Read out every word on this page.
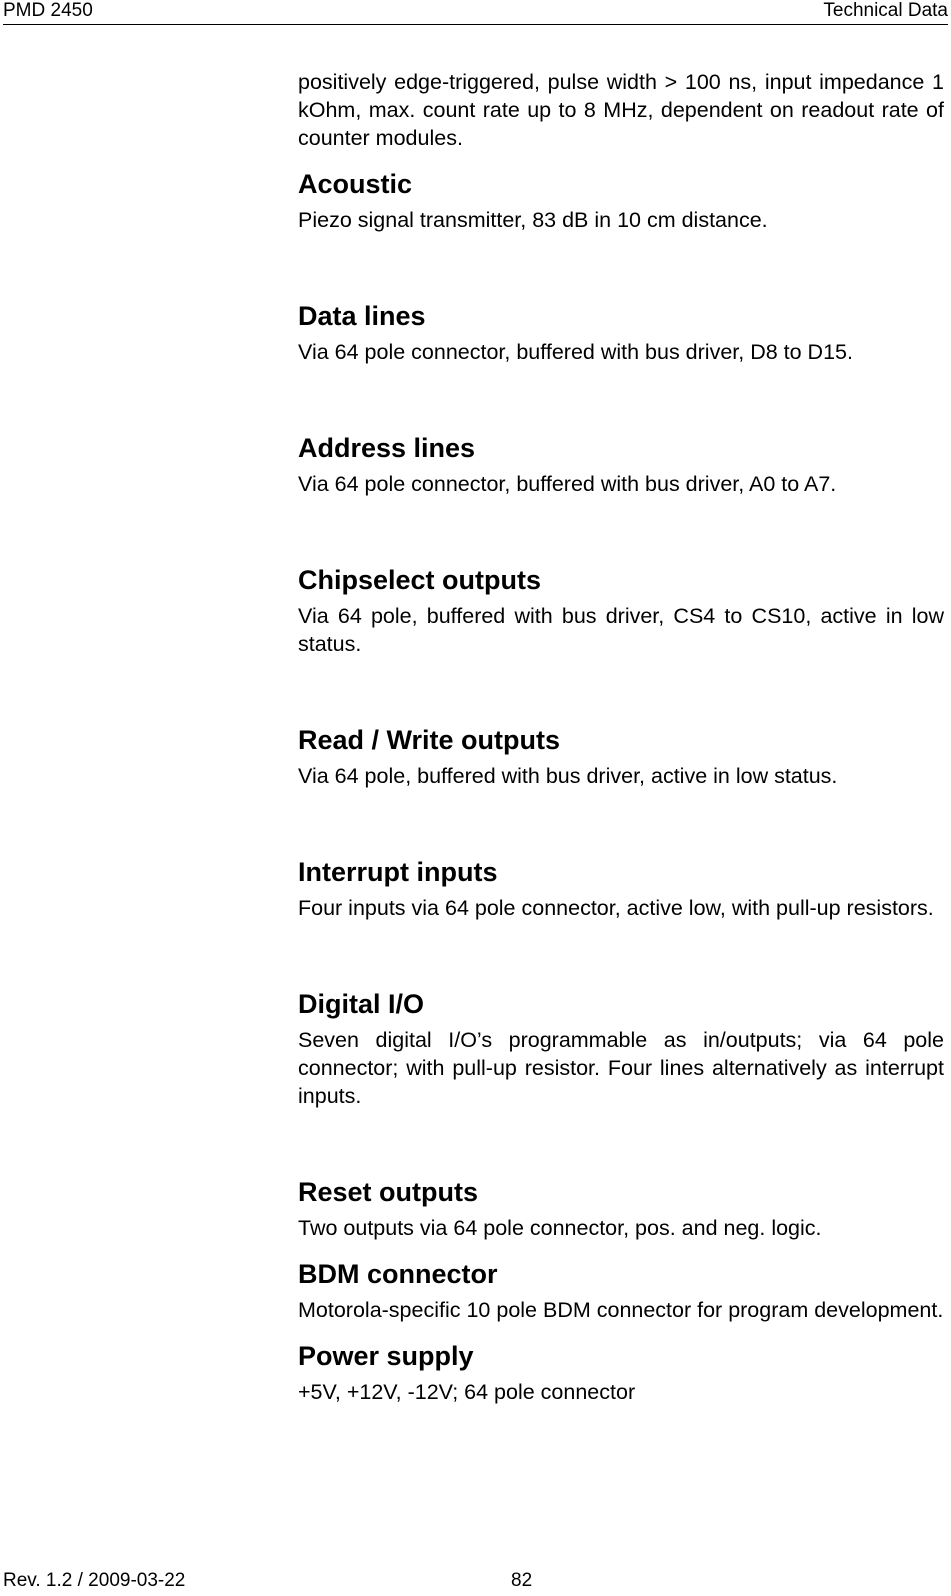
PMD 2450	Technical Data

positively edge-triggered, pulse width > 100 ns, input impedance 1 kOhm, max. count rate up to 8 MHz, dependent on readout rate of counter modules.

Acoustic

Piezo signal transmitter, 83 dB in 10 cm distance.

Data lines

Via 64 pole connector, buffered with bus driver, D8 to D15.

Address lines

Via 64 pole connector, buffered with bus driver, A0 to A7.

Chipselect outputs

Via 64 pole, buffered with bus driver, CS4 to CS10, active in low status.

Read / Write outputs

Via 64 pole, buffered with bus driver, active in low status.

Interrupt inputs

Four inputs via 64 pole connector, active low, with pull-up resistors.

Digital I/O

Seven digital I/O’s programmable as in/outputs; via 64 pole connector; with pull-up resistor. Four lines alternatively as interrupt inputs.

Reset outputs

Two outputs via 64 pole connector, pos. and neg. logic.

BDM connector

Motorola-specific 10 pole BDM connector for program development.

Power supply

+5V, +12V, -12V; 64 pole connector

Rev. 1.2 / 2009-03-22	82
